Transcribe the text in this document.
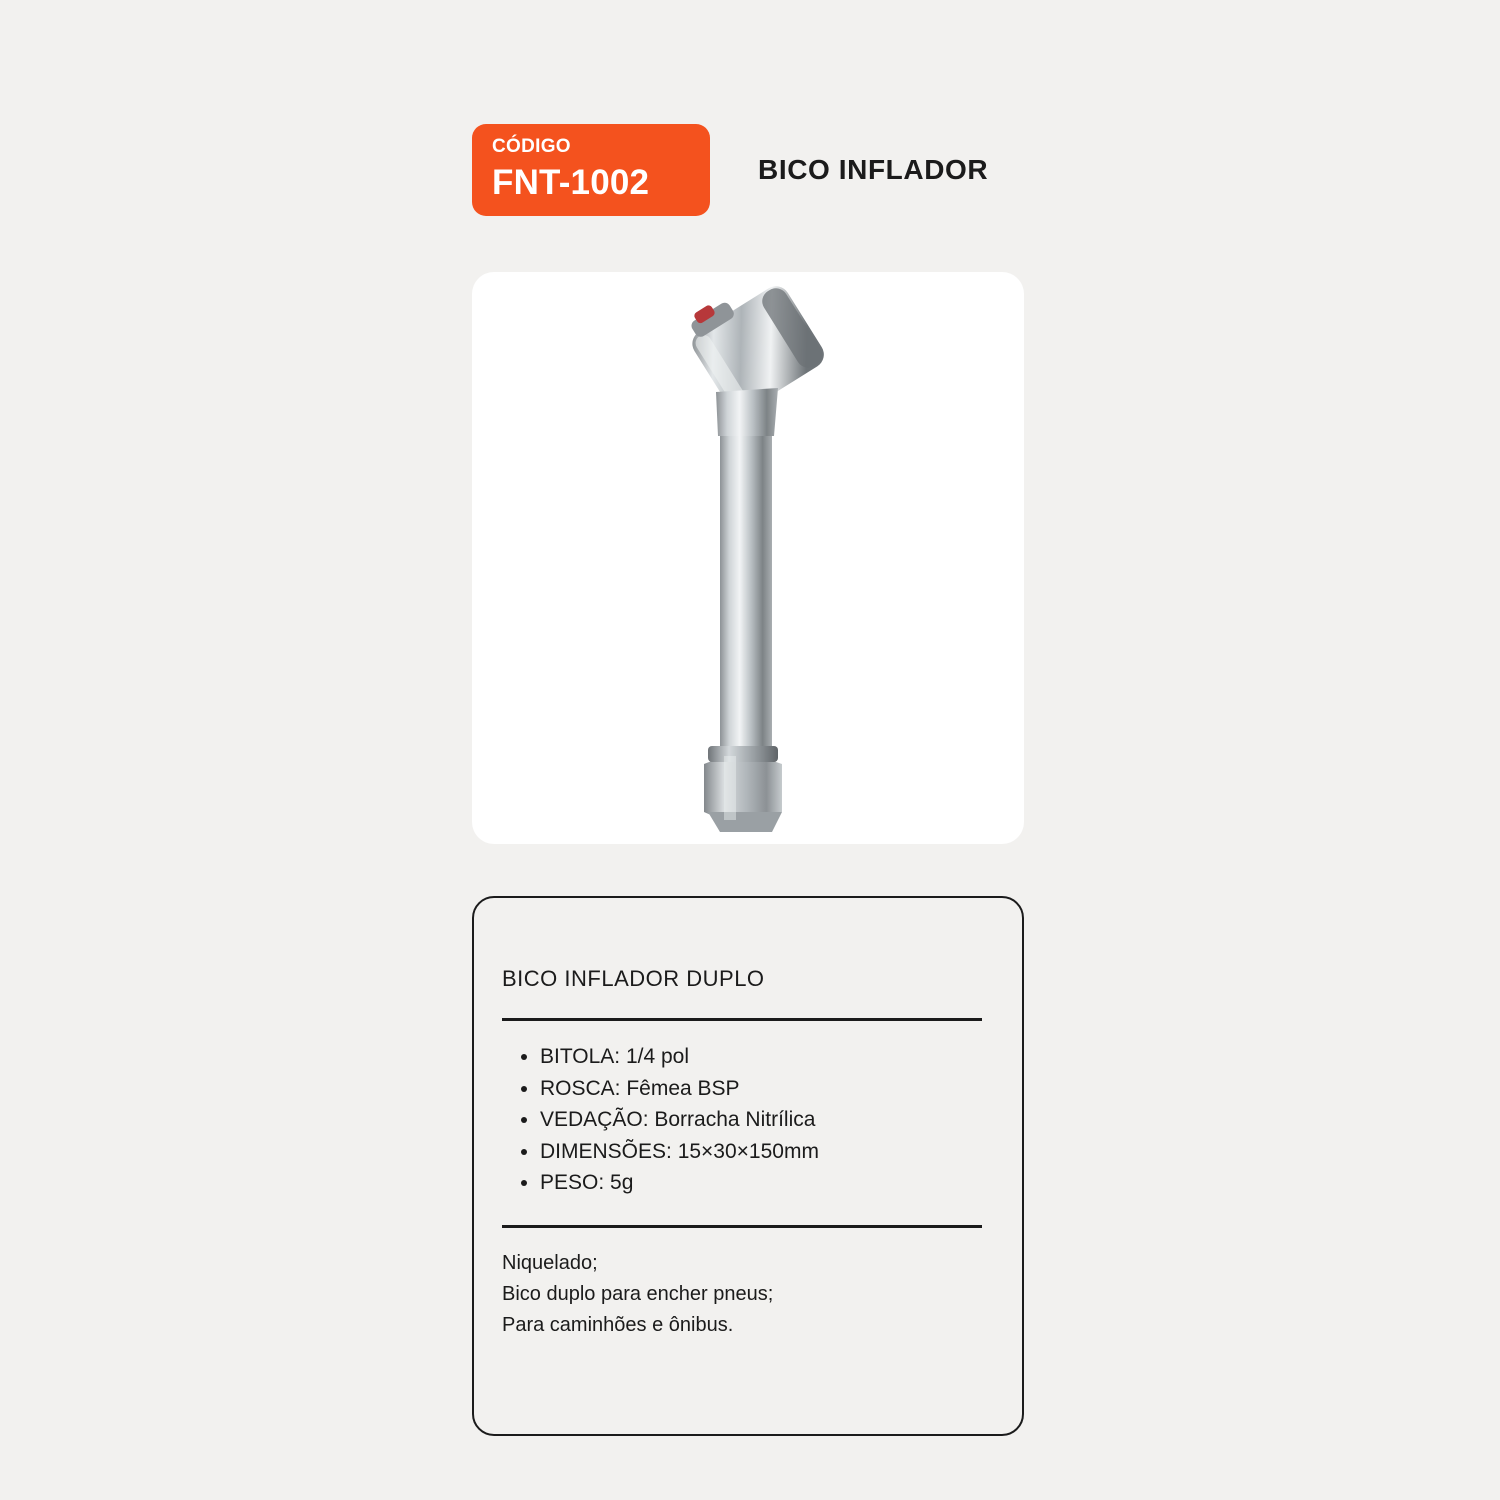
CÓDIGO
FNT-1002	BICO INFLADOR
BICO INFLADOR DUPLO
• BITOLA: 1/4 pol
• ROSCA: Fêmea BSP
• VEDAÇÃO: Borracha Nitrílica
• DIMENSÕES: 15×30×150mm
• PESO: 5g
Niquelado;
Bico duplo para encher pneus;
Para caminhões e ônibus.
